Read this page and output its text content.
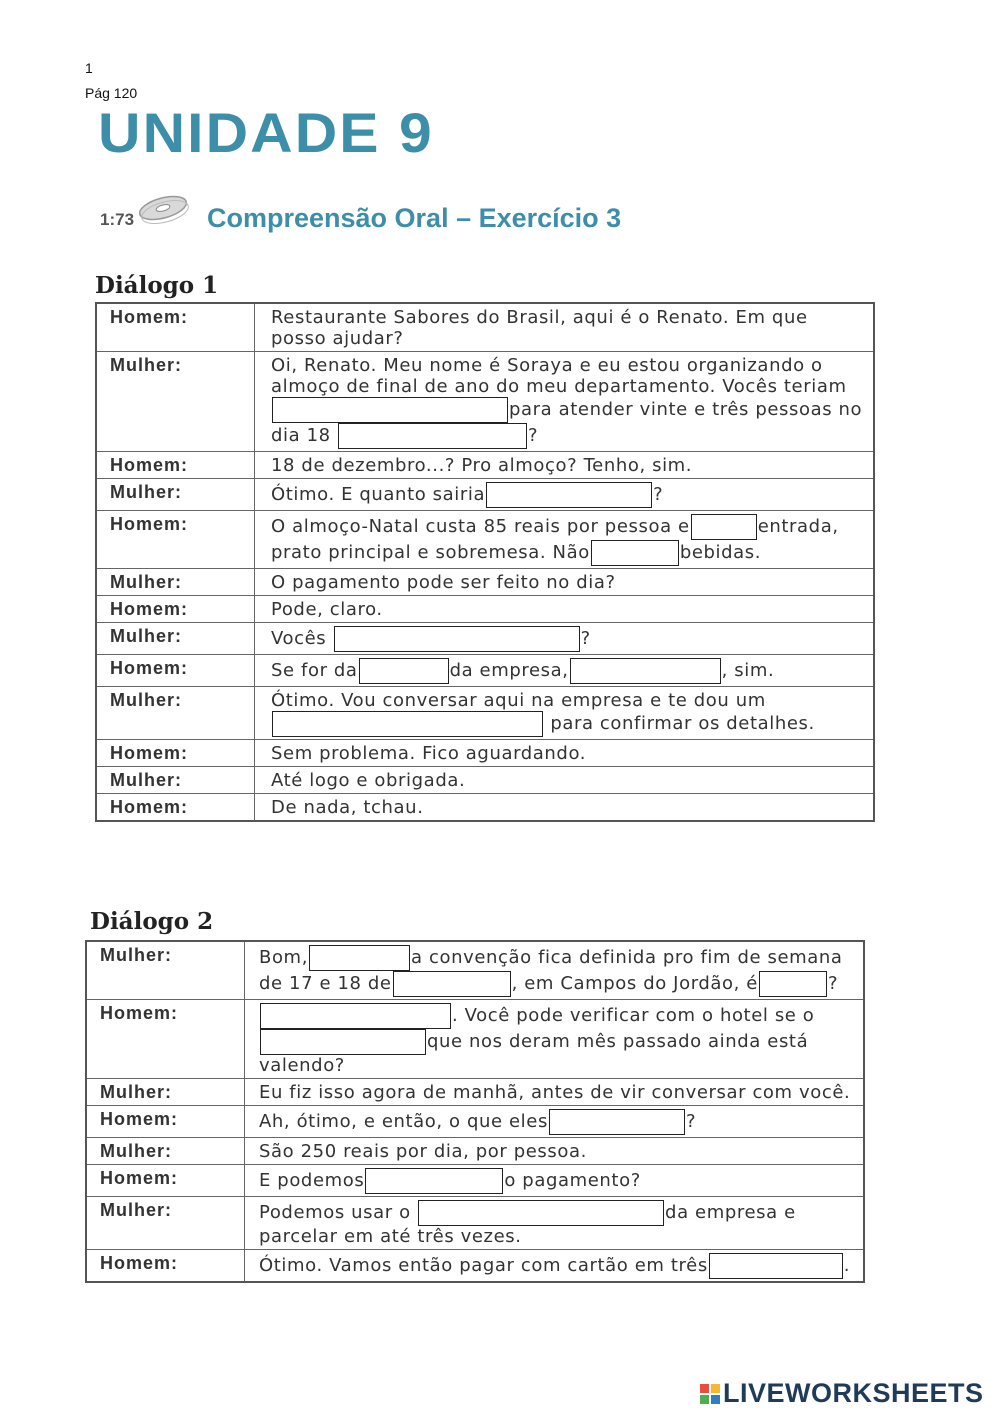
1
Pág 120
UNIDADE 9
1:73	Compreensão Oral – Exercício 3
Diálogo 1
Homem:	Restaurante Sabores do Brasil, aqui é o Renato. Em que posso ajudar?
Mulher:	Oi, Renato. Meu nome é Soraya e eu estou organizando o almoço de final de ano do meu departamento. Vocês teriam para atender vinte e três pessoas no dia 18 ?
Homem:	18 de dezembro...? Pro almoço? Tenho, sim.
Mulher:	Ótimo. E quanto sairia ?
Homem:	O almoço-Natal custa 85 reais por pessoa e entrada, prato principal e sobremesa. Não bebidas.
Mulher:	O pagamento pode ser feito no dia?
Homem:	Pode, claro.
Mulher:	Vocês ?
Homem:	Se for da da empresa, , sim.
Mulher:	Ótimo. Vou conversar aqui na empresa e te dou um para confirmar os detalhes.
Homem:	Sem problema. Fico aguardando.
Mulher:	Até logo e obrigada.
Homem:	De nada, tchau.
Diálogo 2
Mulher:	Bom, a convenção fica definida pro fim de semana de 17 e 18 de , em Campos do Jordão, é ?
Homem:	. Você pode verificar com o hotel se oque nos deram mês passado ainda está valendo?
Mulher:	Eu fiz isso agora de manhã, antes de vir conversar com você.
Homem:	Ah, ótimo, e então, o que eles ?
Mulher:	São 250 reais por dia, por pessoa.
Homem:	E podemos o pagamento?
Mulher:	Podemos usar o da empresa e parcelar em até três vezes.
Homem:	Ótimo. Vamos então pagar com cartão em três .
LIVEWORKSHEETS
